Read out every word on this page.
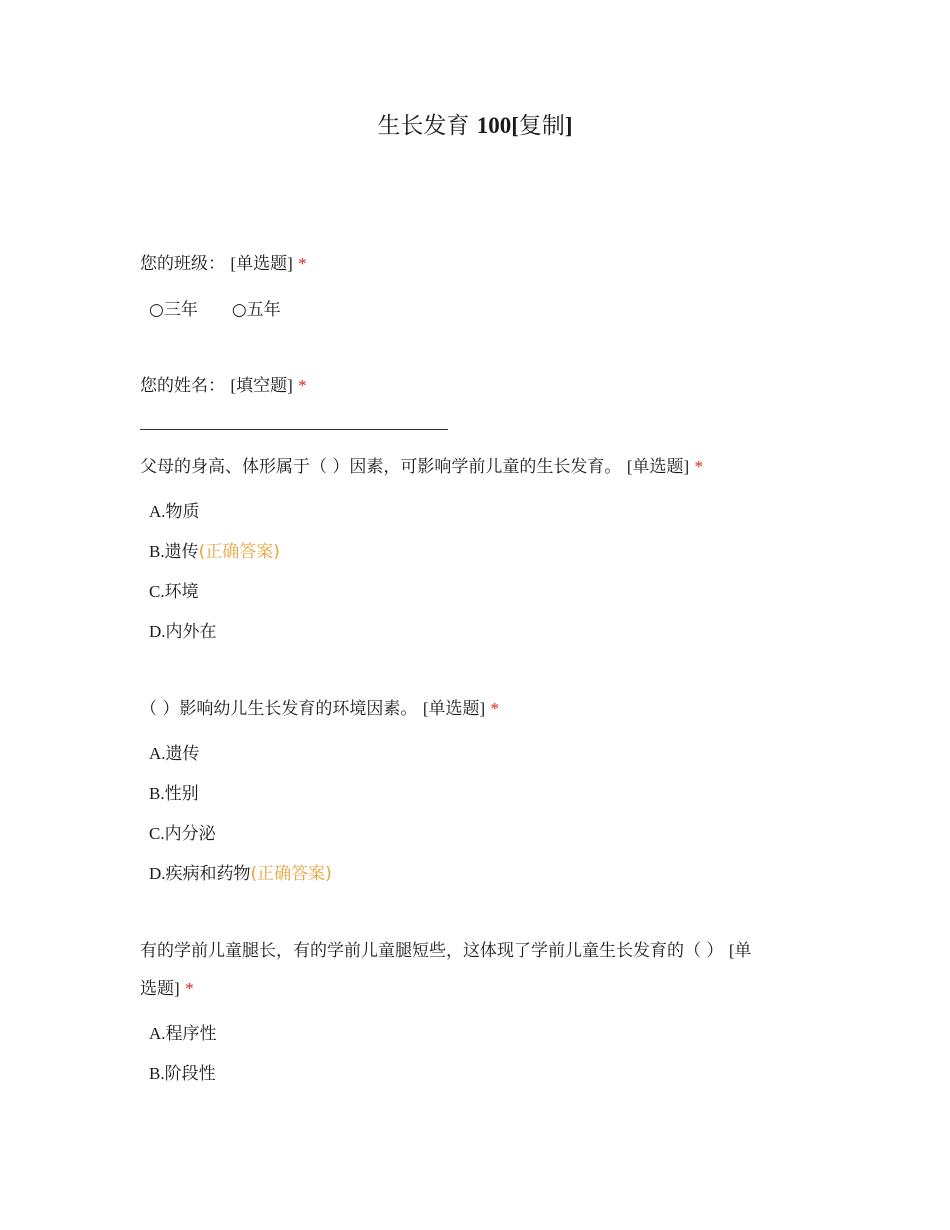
生长发育 100[复制]
您的班级： [单选题] *
○三年 ○五年
您的姓名： [填空题] *
父母的身高、体形属于（ ）因素，可影响学前儿童的生长发育。 [单选题] *
A.物质
B.遗传(正确答案)
C.环境
D.内外在
（ ）影响幼儿生长发育的环境因素。 [单选题] *
A.遗传
B.性别
C.内分泌
D.疾病和药物(正确答案)
有的学前儿童腿长，有的学前儿童腿短些，这体现了学前儿童生长发育的（ ） [单
选题] *
A.程序性
B.阶段性
